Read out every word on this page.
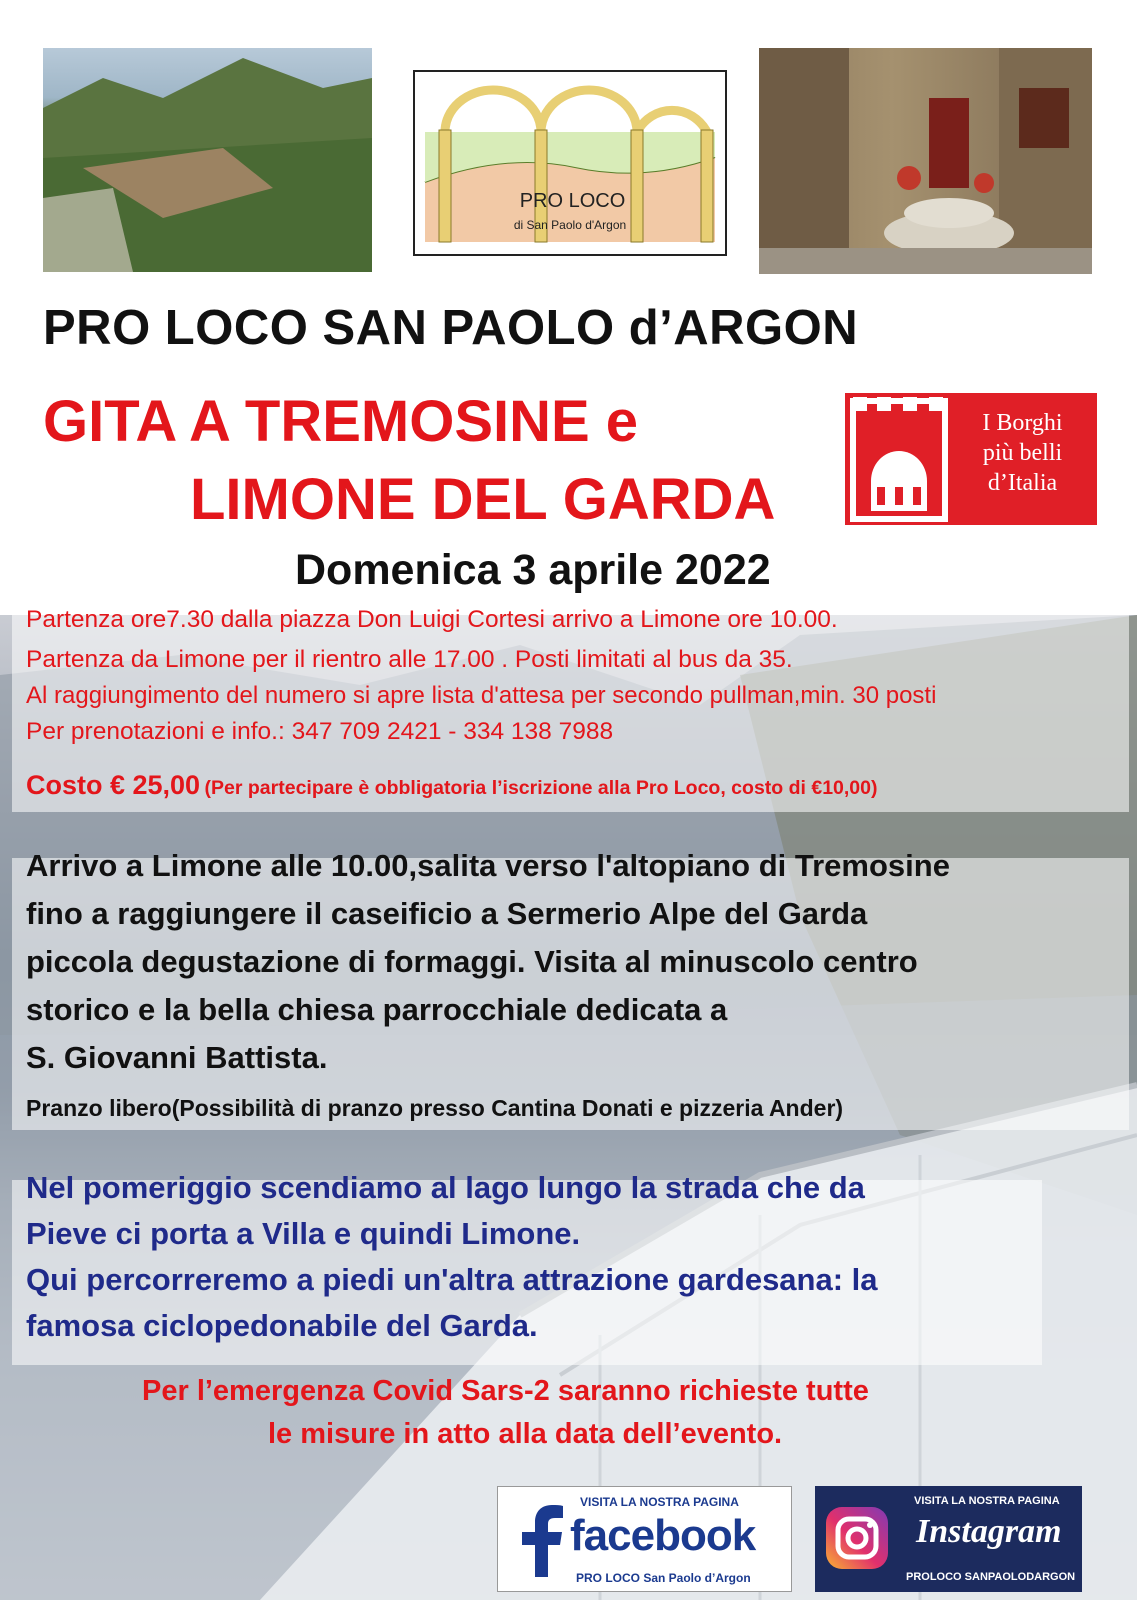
PRO LOCO
di San Paolo d'Argon
PRO LOCO SAN PAOLO d’ARGON
GITA A TREMOSINE e
LIMONE DEL GARDA
Domenica 3 aprile 2022
I Borghi
più belli
d’Italia
Partenza ore7.30 dalla piazza Don Luigi Cortesi arrivo a Limone ore 10.00.
Partenza da Limone per il rientro alle 17.00 . Posti limitati al bus da 35.
Al raggiungimento del numero si apre lista d'attesa per secondo pullman,min. 30 posti
Per prenotazioni e info.: 347 709 2421 - 334 138 7988
Costo € 25,00 (Per partecipare è obbligatoria l’iscrizione alla Pro Loco, costo di €10,00)
Arrivo a Limone alle 10.00,salita verso l'altopiano di Tremosine
fino a raggiungere il caseificio a Sermerio Alpe del Garda
piccola degustazione di formaggi. Visita al minuscolo centro
storico e la bella chiesa parrocchiale dedicata a
S. Giovanni Battista.
Pranzo libero(Possibilità di pranzo presso Cantina Donati e pizzeria Ander)
Nel pomeriggio scendiamo al lago lungo la strada che da
Pieve ci porta a Villa e quindi Limone.
Qui percorreremo a piedi un'altra attrazione gardesana: la
famosa ciclopedonabile del Garda.
Per l’emergenza Covid Sars-2 saranno richieste tutte
le misure in atto alla data dell’evento.
VISITA LA NOSTRA PAGINA
facebook
PRO LOCO San Paolo d’Argon
VISITA LA NOSTRA PAGINA
Instagram
PROLOCO SANPAOLODARGON
